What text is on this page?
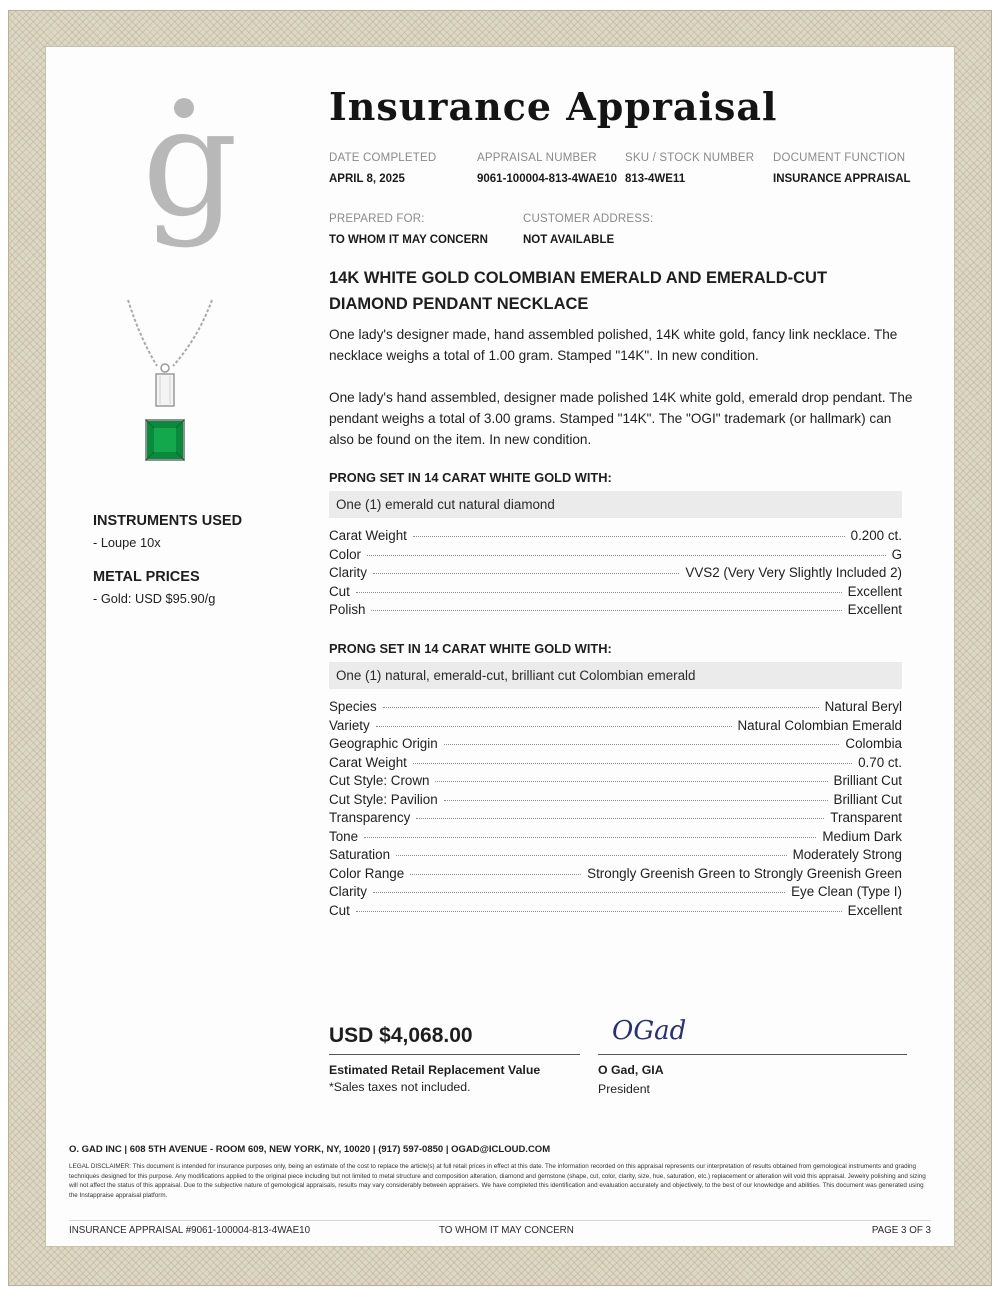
g Insurance Appraisal
DATE COMPLETED
APRIL 8, 2025
APPRAISAL NUMBER
9061-100004-813-4WAE10
SKU / STOCK NUMBER
813-4WE11
DOCUMENT FUNCTION
INSURANCE APPRAISAL
PREPARED FOR:
TO WHOM IT MAY CONCERN
CUSTOMER ADDRESS:
NOT AVAILABLE
14K WHITE GOLD COLOMBIAN EMERALD AND EMERALD-CUT DIAMOND PENDANT NECKLACE

One lady's designer made, hand assembled polished, 14K white gold, fancy link necklace. The necklace weighs a total of 1.00 gram. Stamped "14K". In new condition.

One lady's hand assembled, designer made polished 14K white gold, emerald drop pendant. The pendant weighs a total of 3.00 grams. Stamped "14K". The "OGI" trademark (or hallmark) can also be found on the item. In new condition.

PRONG SET IN 14 CARAT WHITE GOLD WITH:
One (1) emerald cut natural diamond
Carat Weight	0.200 ct.
Color	G
Clarity	VVS2 (Very Very Slightly Included 2)
Cut	Excellent
Polish	Excellent
PRONG SET IN 14 CARAT WHITE GOLD WITH:
One (1) natural, emerald-cut, brilliant cut Colombian emerald
Species	Natural Beryl
Variety	Natural Colombian Emerald
Geographic Origin	Colombia
Carat Weight	0.70 ct.
Cut Style: Crown	Brilliant Cut
Cut Style: Pavilion	Brilliant Cut
Transparency	Transparent
Tone	Medium Dark
Saturation	Moderately Strong
Color Range	Strongly Greenish Green to Strongly Greenish Green
Clarity	Eye Clean (Type I)
Cut	Excellent
INSTRUMENTS USED
- Loupe 10x
METAL PRICES
- Gold: USD $95.90/g
USD $4,068.00
Estimated Retail Replacement Value
*Sales taxes not included.
OGad
O Gad, GIA
President
O. GAD INC | 608 5TH AVENUE - ROOM 609, NEW YORK, NY, 10020 | (917) 597-0850 | OGAD@ICLOUD.COM

LEGAL DISCLAIMER: This document is intended for insurance purposes only, being an estimate of the cost to replace the article(s) at full retail prices in effect at this date. The information recorded on this appraisal represents our interpretation of results obtained from gemological instruments and grading techniques designed for this purpose. Any modifications applied to the original piece including but not limited to metal structure and composition alteration, diamond and gemstone (shape, cut, color, clarity, size, hue, saturation, etc.) replacement or alteration will void this appraisal. Jewelry polishing and sizing will not affect the status of this appraisal. Due to the subjective nature of gemological appraisals, results may vary considerably between appraisers. We have completed this identification and evaluation accurately and objectively, to the best of our knowledge and abilities. This document was generated using the Instappraise appraisal platform.

INSURANCE APPRAISAL #9061-100004-813-4WAE10	TO WHOM IT MAY CONCERN	PAGE 3 OF 3
